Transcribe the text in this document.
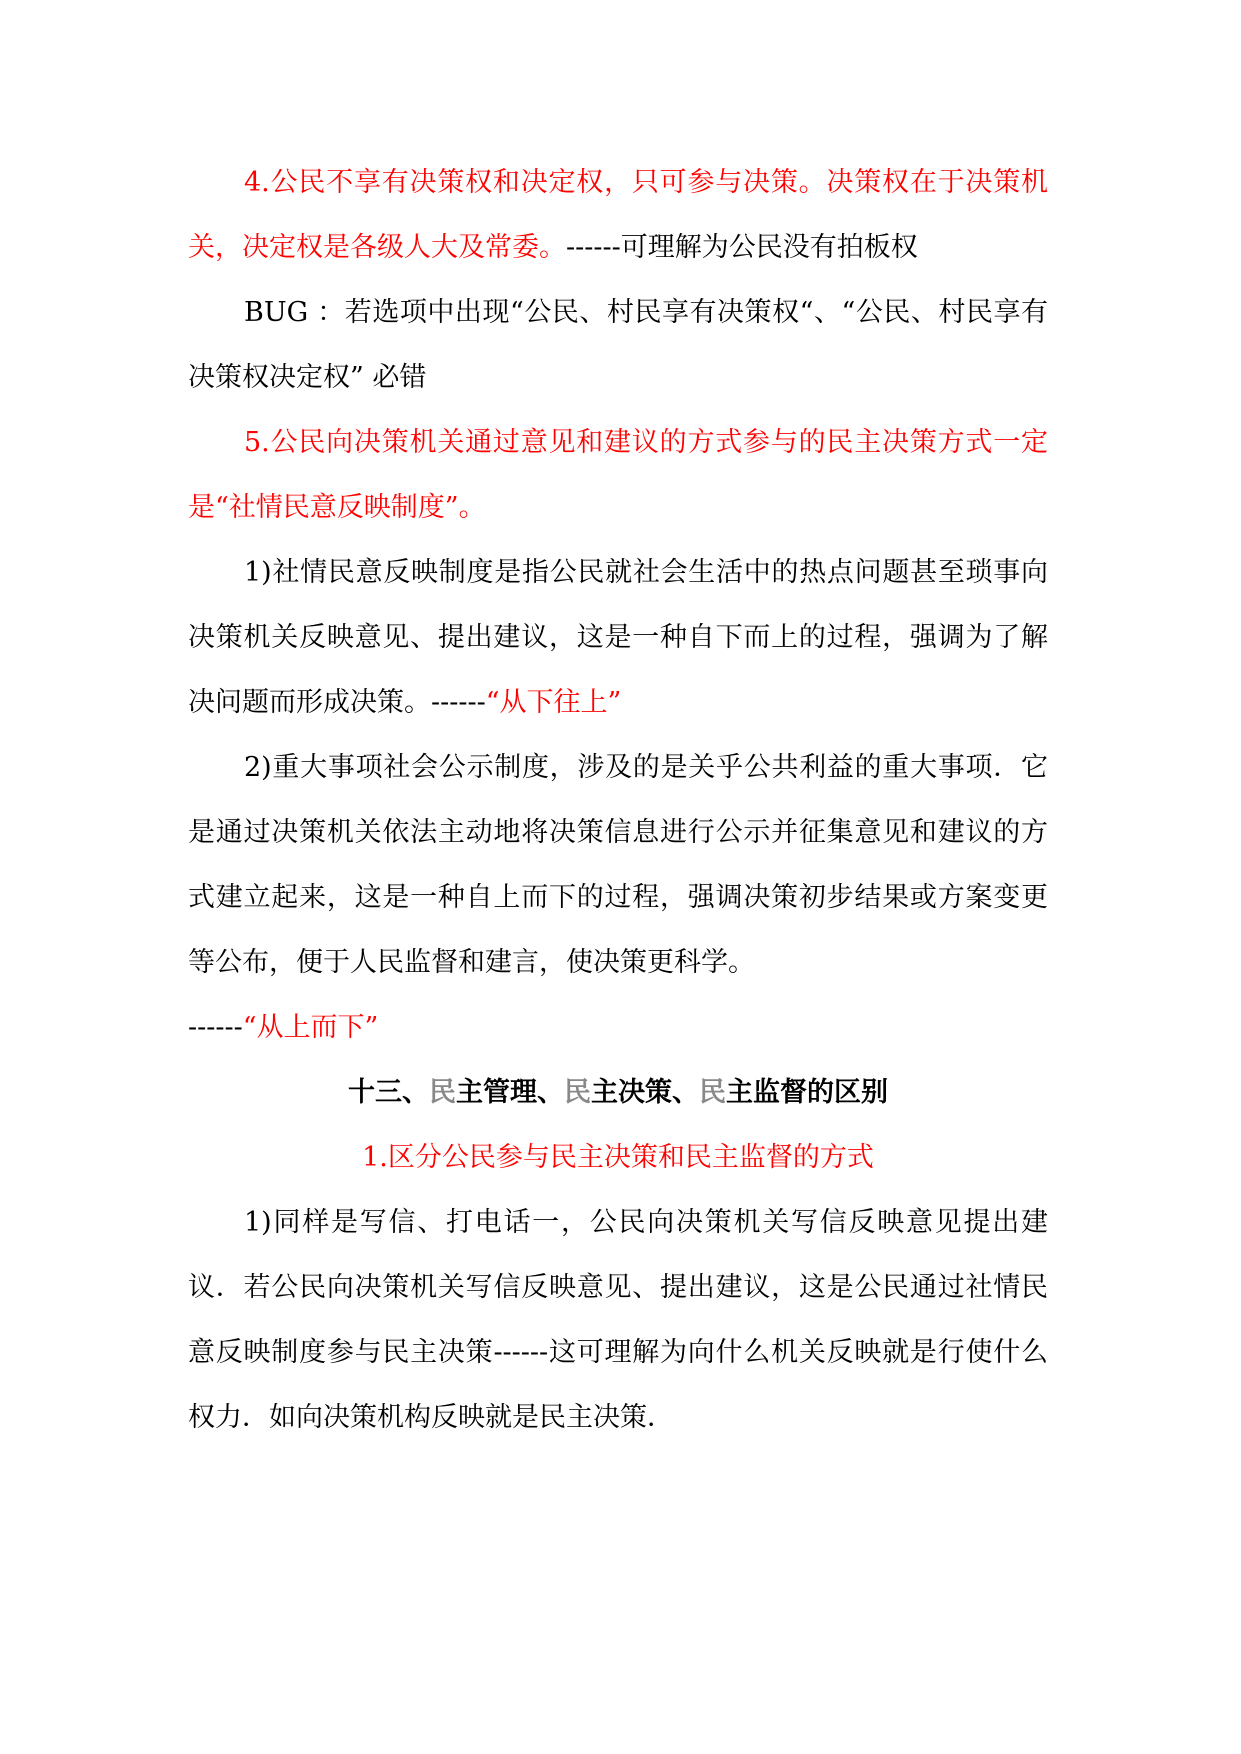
4.公民不享有决策权和决定权，只可参与决策。决策权在于决策机关，决定权是各级人大及常委。------可理解为公民没有拍板权

BUG ：若选项中出现“公民、村民享有决策权“、“公民、村民享有决策权决定权” 必错

5.公民向决策机关通过意见和建议的方式参与的民主决策方式一定是“社情民意反映制度”。

1)社情民意反映制度是指公民就社会生活中的热点问题甚至琐事向决策机关反映意见、提出建议，这是一种自下而上的过程，强调为了解决问题而形成决策。------“从下往上”

2)重大事项社会公示制度，涉及的是关乎公共利益的重大事项．它是通过决策机关依法主动地将决策信息进行公示并征集意见和建议的方式建立起来，这是一种自上而下的过程，强调决策初步结果或方案变更等公布，便于人民监督和建言，使决策更科学。
------“从上而下”

十三、民主管理、民主决策、民主监督的区别

1.区分公民参与民主决策和民主监督的方式

1)同样是写信、打电话一，公民向决策机关写信反映意见提出建议．若公民向决策机关写信反映意见、提出建议，这是公民通过社情民意反映制度参与民主决策------这可理解为向什么机关反映就是行使什么权力．如向决策机构反映就是民主决策．
